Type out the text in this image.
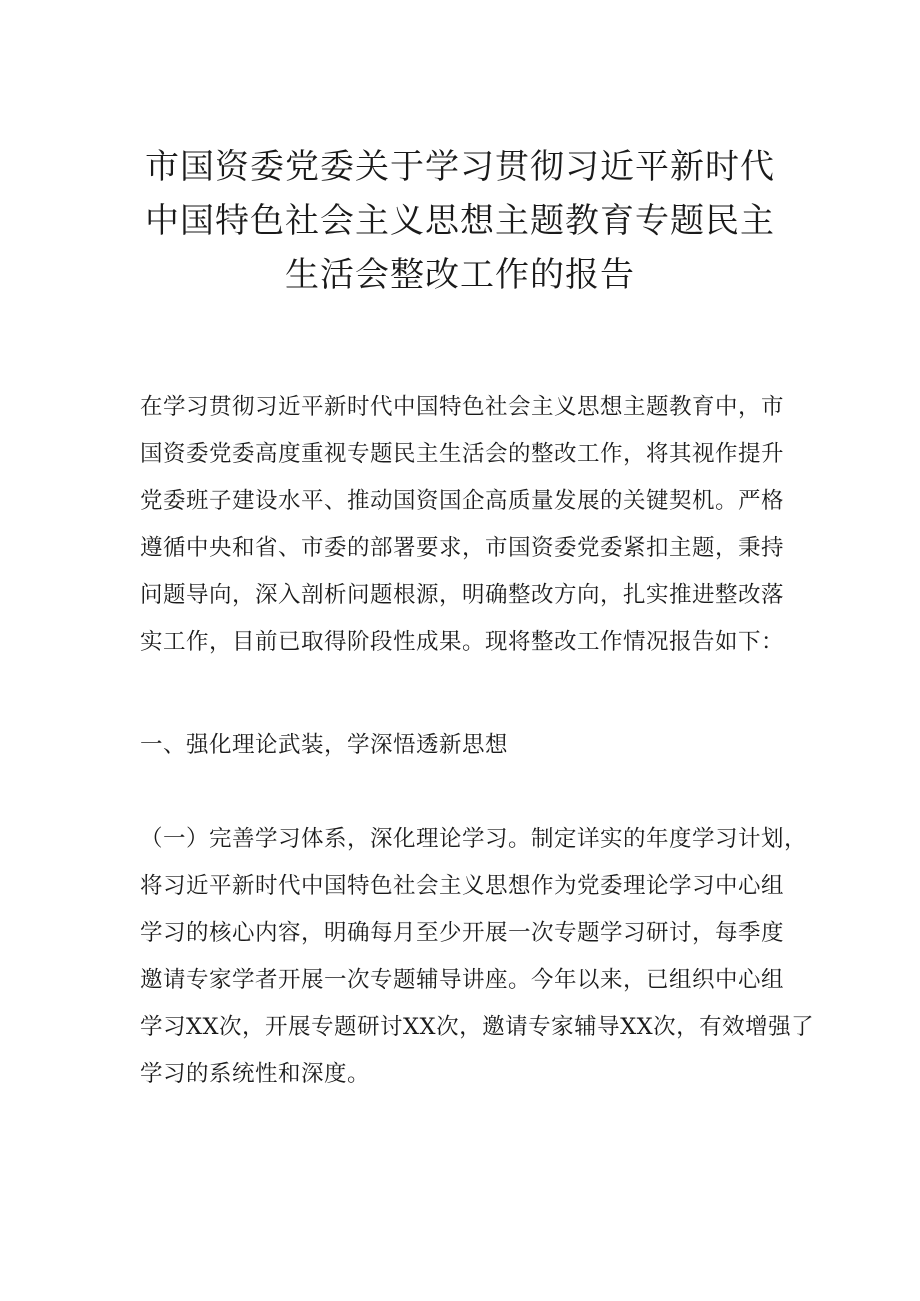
市国资委党委关于学习贯彻习近平新时代
中国特色社会主义思想主题教育专题民主
生活会整改工作的报告

在学习贯彻习近平新时代中国特色社会主义思想主题教育中，市
国资委党委高度重视专题民主生活会的整改工作，将其视作提升
党委班子建设水平、推动国资国企高质量发展的关键契机。严格
遵循中央和省、市委的部署要求，市国资委党委紧扣主题，秉持
问题导向，深入剖析问题根源，明确整改方向，扎实推进整改落
实工作，目前已取得阶段性成果。现将整改工作情况报告如下：

一、强化理论武装，学深悟透新思想

（一）完善学习体系，深化理论学习。制定详实的年度学习计划，
将习近平新时代中国特色社会主义思想作为党委理论学习中心组
学习的核心内容，明确每月至少开展一次专题学习研讨，每季度
邀请专家学者开展一次专题辅导讲座。今年以来，已组织中心组
学习XX次，开展专题研讨XX次，邀请专家辅导XX次，有效增强了
学习的系统性和深度。
